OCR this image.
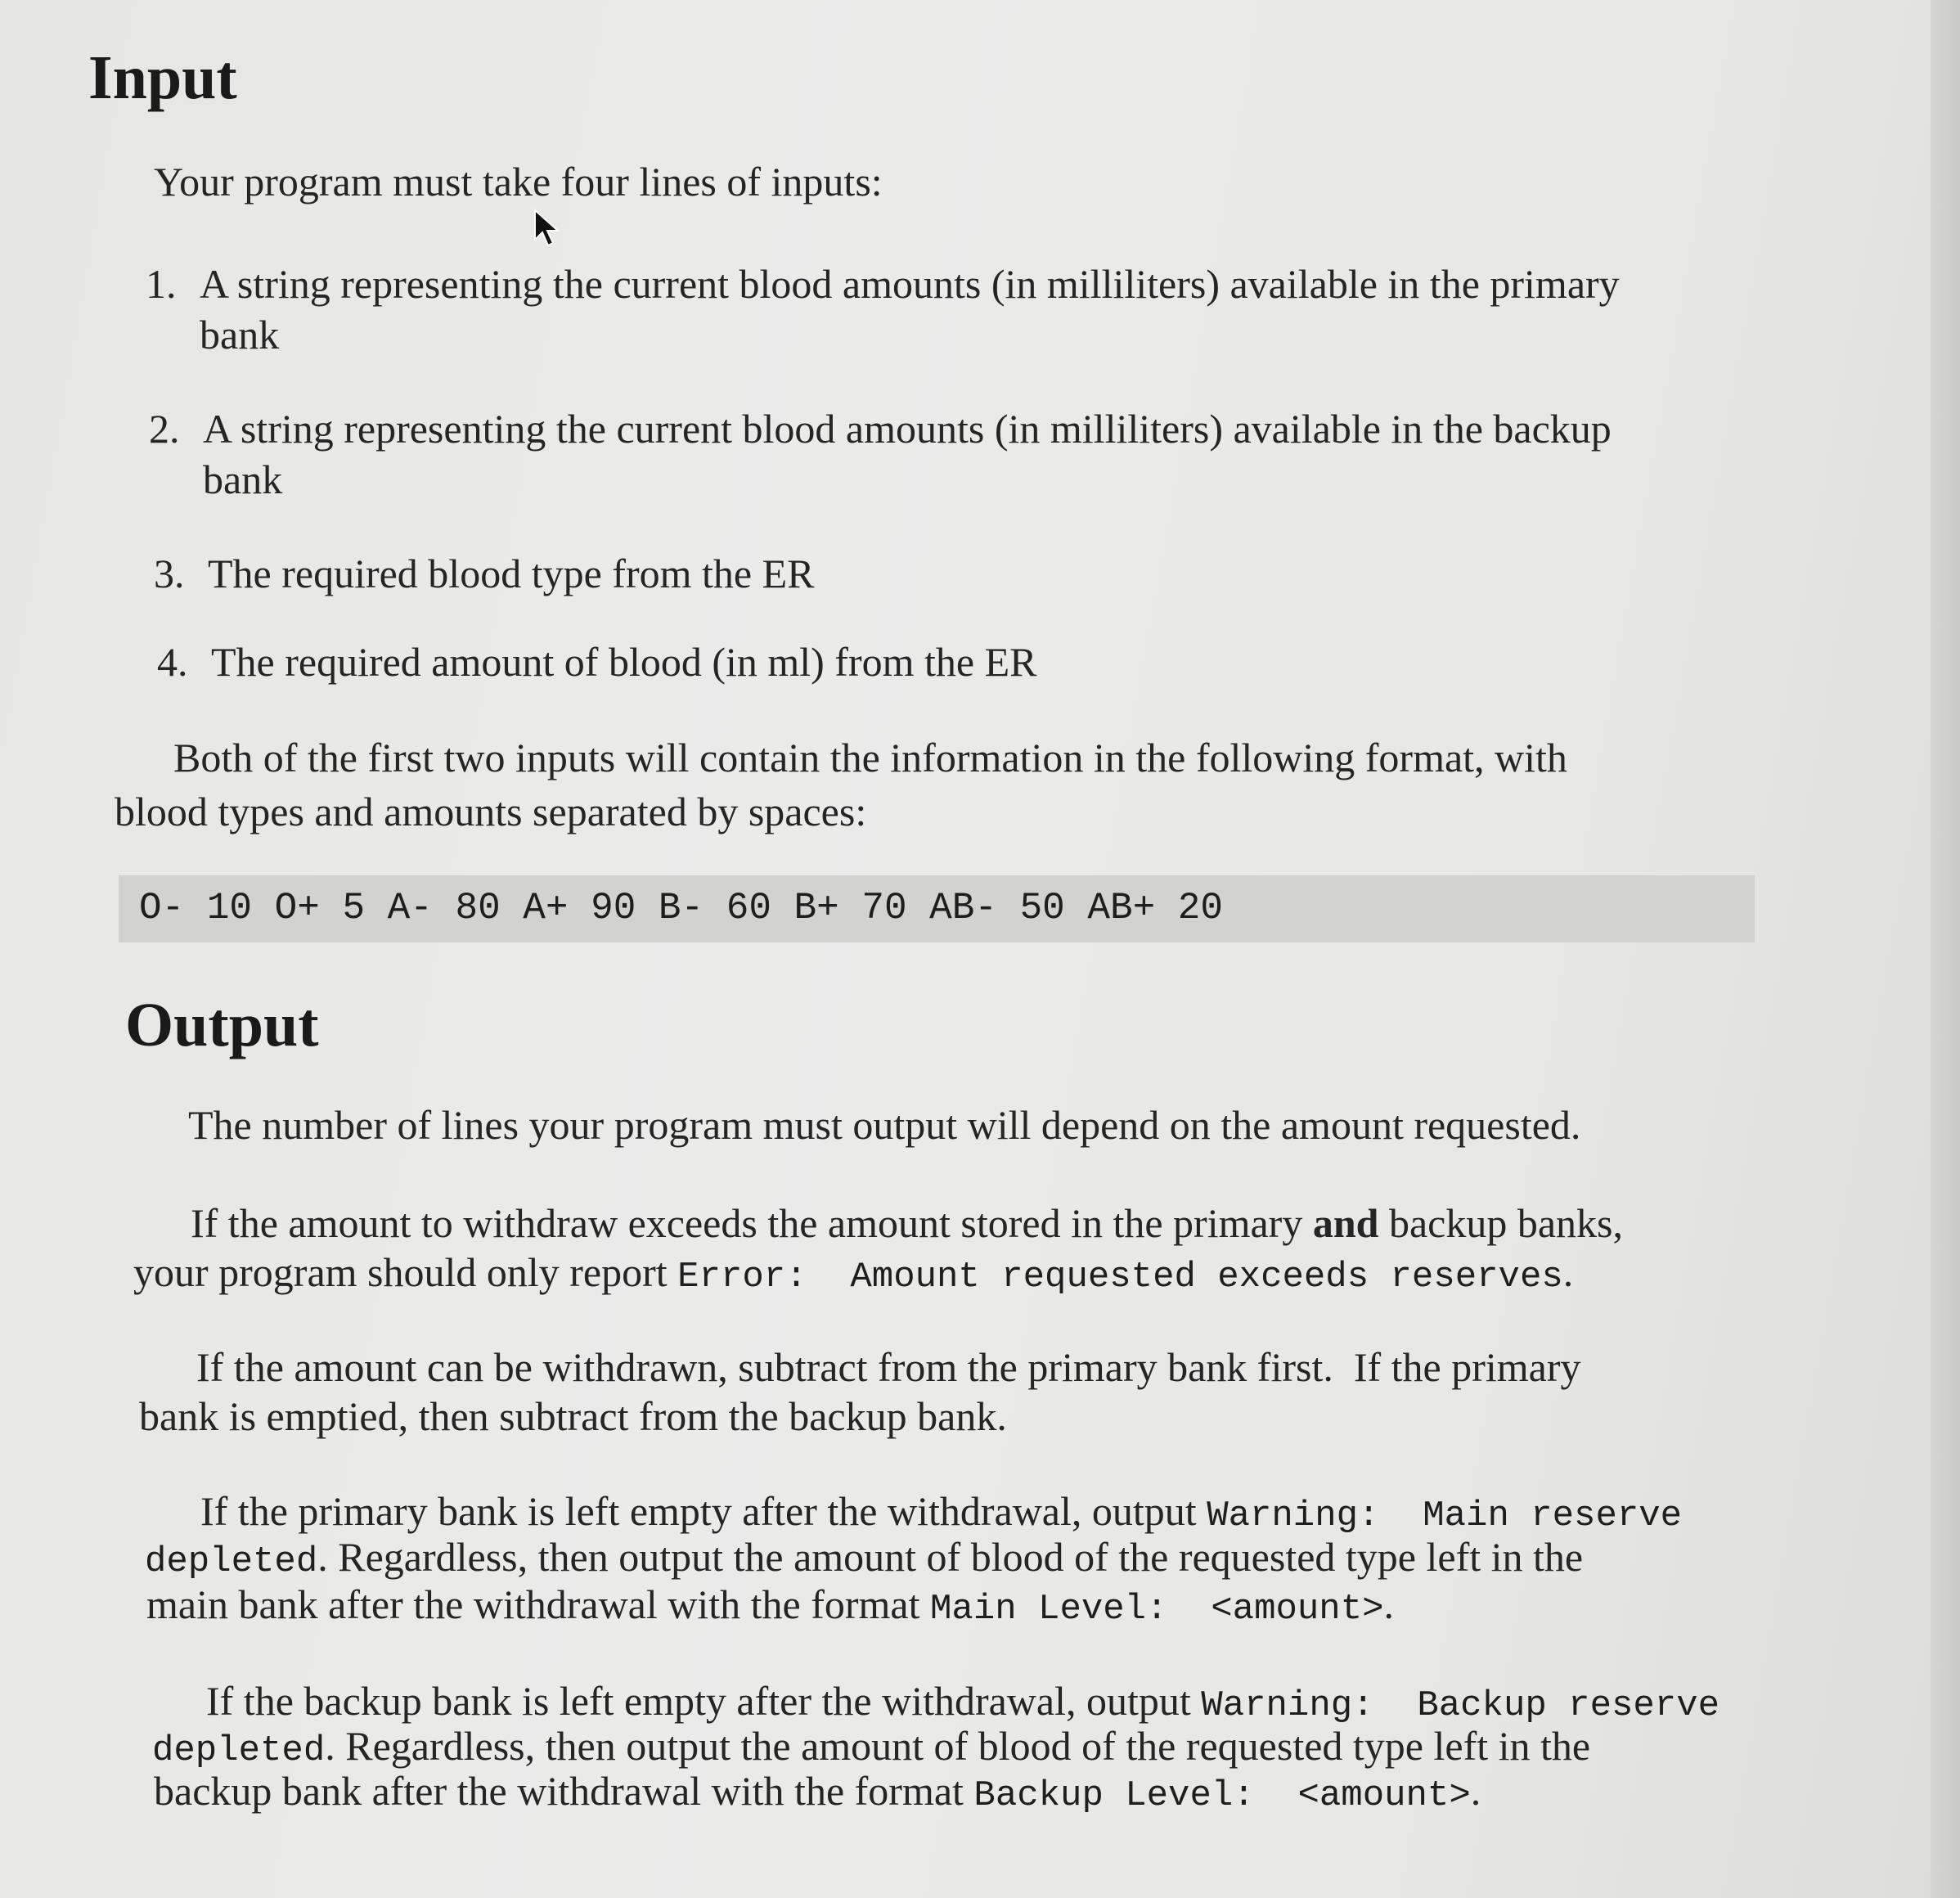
Input

Your program must take four lines of inputs:

1. A string representing the current blood amounts (in milliliters) available in the primary
bank
2. A string representing the current blood amounts (in milliliters) available in the backup
bank
3. The required blood type from the ER
4. The required amount of blood (in ml) from the ER

Both of the first two inputs will contain the information in the following format, with

blood types and amounts separated by spaces:

O- 10 O+ 5 A- 80 A+ 90 B- 60 B+ 70 AB- 50 AB+ 20
Output

The number of lines your program must output will depend on the amount requested.

If the amount to withdraw exceeds the amount stored in the primary and backup banks,

your program should only report Error:  Amount requested exceeds reserves.

If the amount can be withdrawn, subtract from the primary bank first.  If the primary

bank is emptied, then subtract from the backup bank.

If the primary bank is left empty after the withdrawal, output Warning:  Main reserve

depleted. Regardless, then output the amount of blood of the requested type left in the

main bank after the withdrawal with the format Main Level:  <amount>.

If the backup bank is left empty after the withdrawal, output Warning:  Backup reserve

depleted. Regardless, then output the amount of blood of the requested type left in the

backup bank after the withdrawal with the format Backup Level:  <amount>.
